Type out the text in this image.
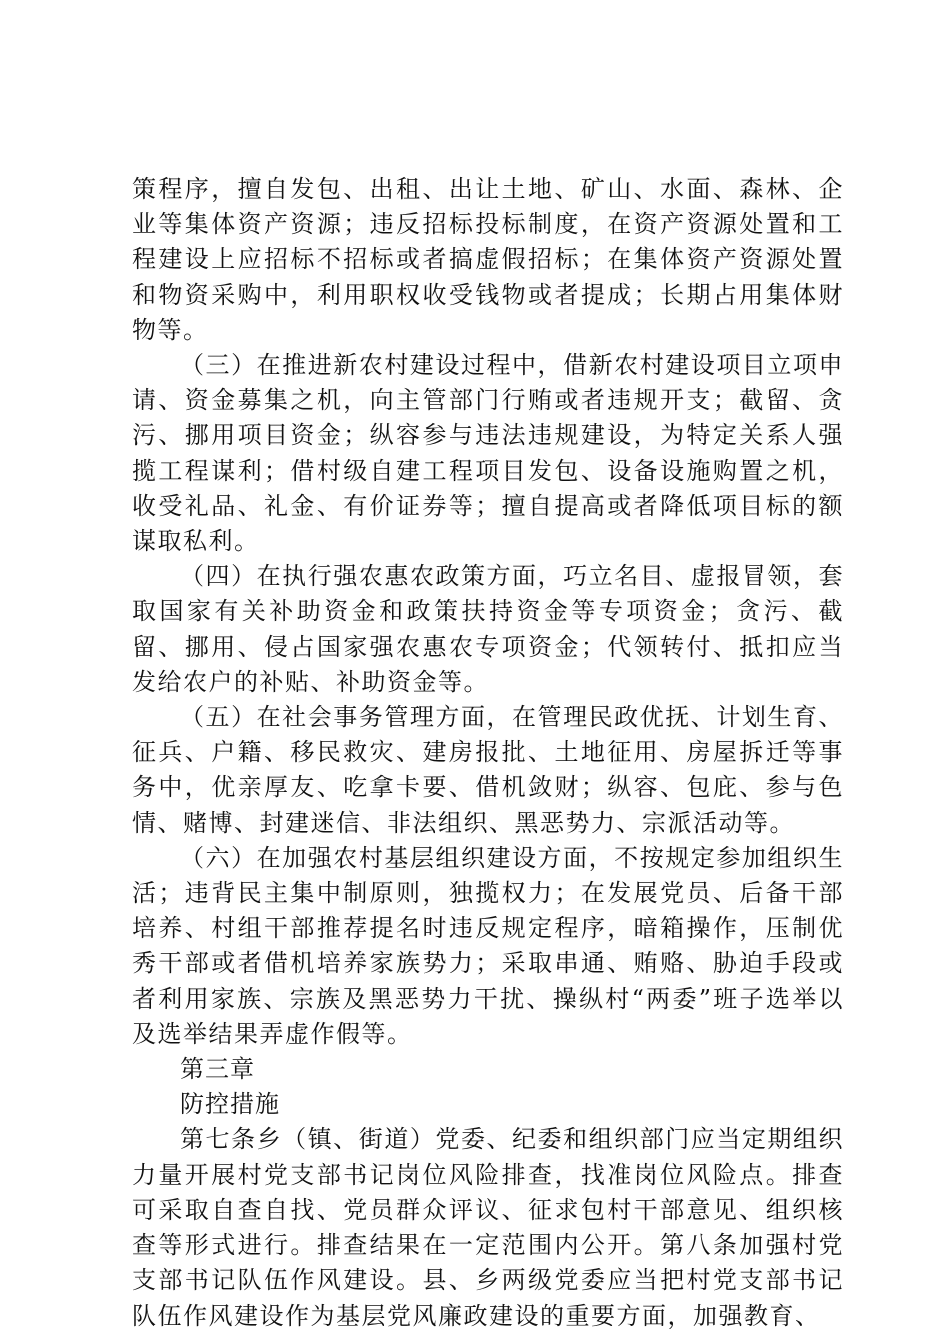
策程序，擅自发包、出租、出让土地、矿山、水面、森林、企业等集体资产资源；违反招标投标制度，在资产资源处置和工程建设上应招标不招标或者搞虚假招标；在集体资产资源处置和物资采购中，利用职权收受钱物或者提成；长期占用集体财物等。

（三）在推进新农村建设过程中，借新农村建设项目立项申请、资金募集之机，向主管部门行贿或者违规开支；截留、贪污、挪用项目资金；纵容参与违法违规建设，为特定关系人强揽工程谋利；借村级自建工程项目发包、设备设施购置之机，收受礼品、礼金、有价证券等；擅自提高或者降低项目标的额谋取私利。

（四）在执行强农惠农政策方面，巧立名目、虚报冒领，套取国家有关补助资金和政策扶持资金等专项资金；贪污、截留、挪用、侵占国家强农惠农专项资金；代领转付、抵扣应当发给农户的补贴、补助资金等。

（五）在社会事务管理方面，在管理民政优抚、计划生育、征兵、户籍、移民救灾、建房报批、土地征用、房屋拆迁等事务中，优亲厚友、吃拿卡要、借机敛财；纵容、包庇、参与色情、赌博、封建迷信、非法组织、黑恶势力、宗派活动等。

（六）在加强农村基层组织建设方面，不按规定参加组织生活；违背民主集中制原则，独揽权力；在发展党员、后备干部培养、村组干部推荐提名时违反规定程序，暗箱操作，压制优秀干部或者借机培养家族势力；采取串通、贿赂、胁迫手段或者利用家族、宗族及黑恶势力干扰、操纵村“两委”班子选举以及选举结果弄虚作假等。

第三章

防控措施

第七条乡（镇、街道）党委、纪委和组织部门应当定期组织力量开展村党支部书记岗位风险排查，找准岗位风险点。排查可采取自查自找、党员群众评议、征求包村干部意见、组织核查等形式进行。排查结果在一定范围内公开。第八条加强村党支部书记队伍作风建设。县、乡两级党委应当把村党支部书记队伍作风建设作为基层党风廉政建设的重要方面，加强教育、
